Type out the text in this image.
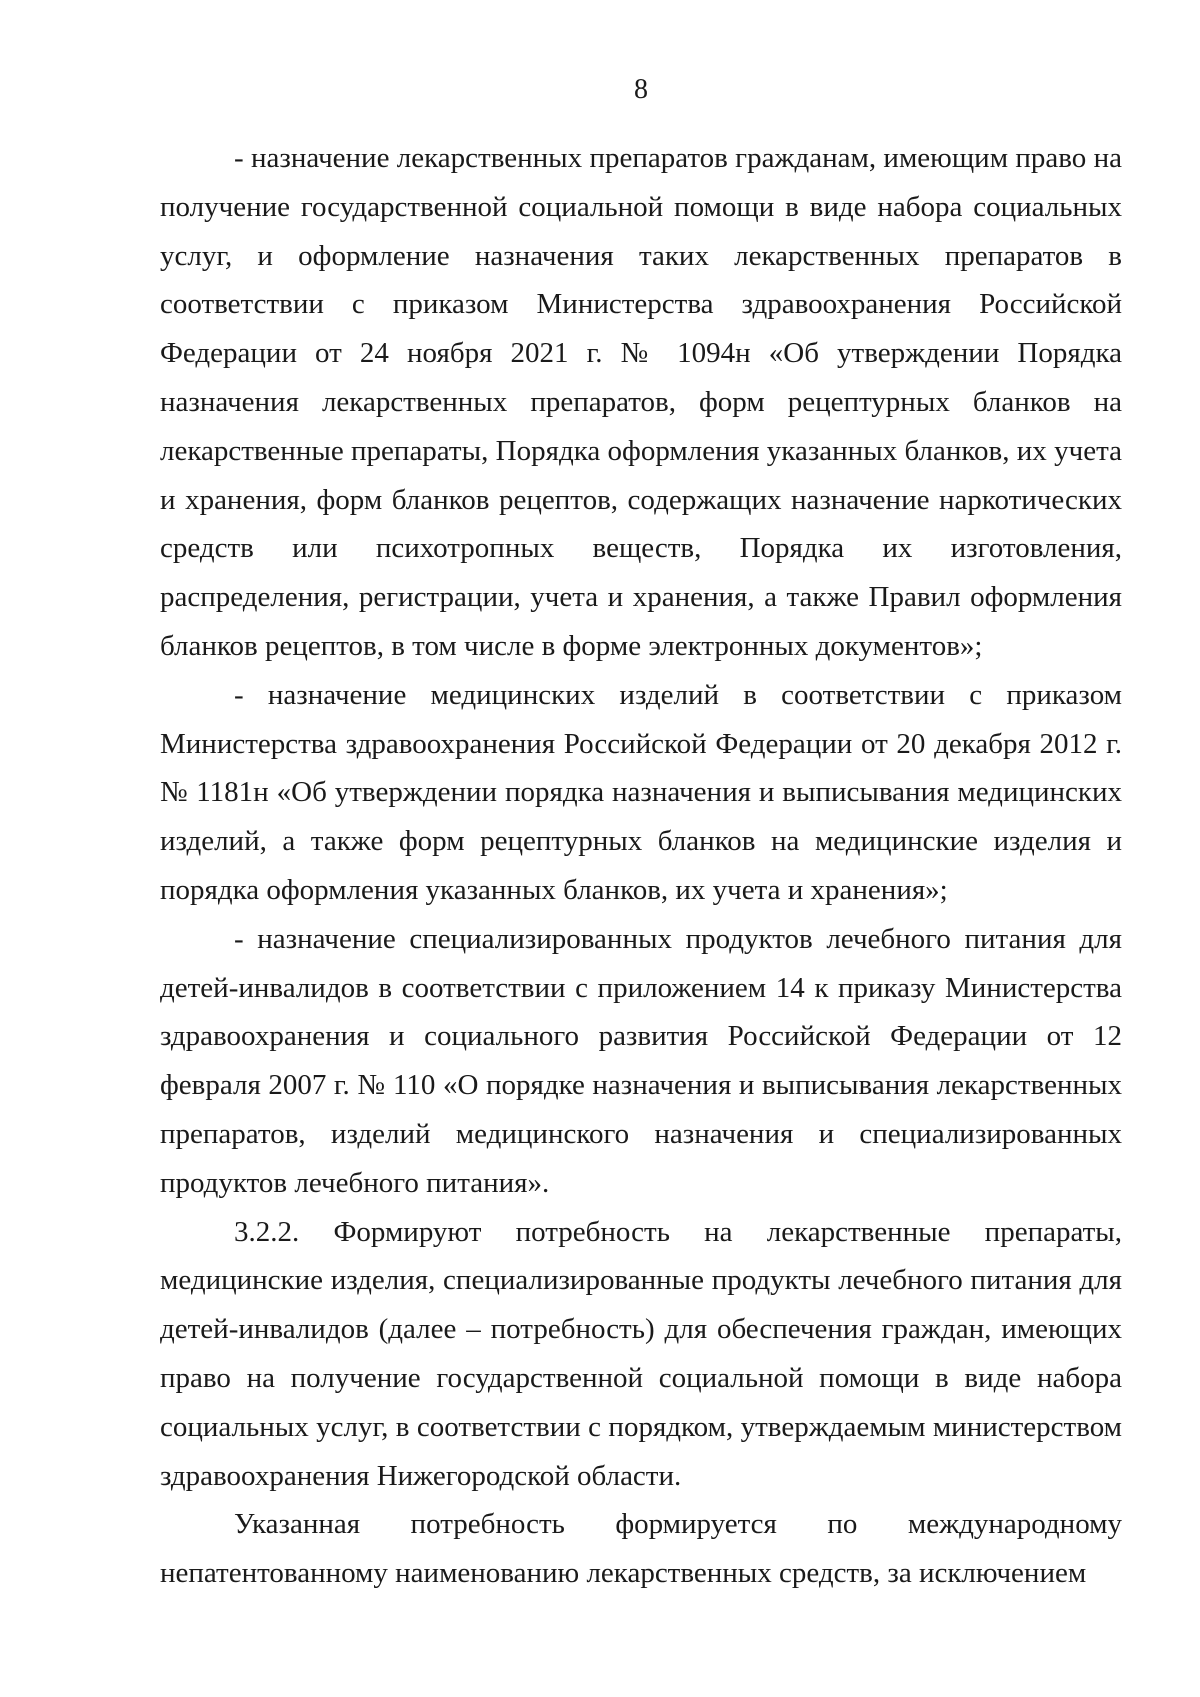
8

- назначение лекарственных препаратов гражданам, имеющим право на получение государственной социальной помощи в виде набора социальных услуг, и оформление назначения таких лекарственных препаратов в соответствии с приказом Министерства здравоохранения Российской Федерации от 24 ноября 2021 г. № 1094н «Об утверждении Порядка назначения лекарственных препаратов, форм рецептурных бланков на лекарственные препараты, Порядка оформления указанных бланков, их учета и хранения, форм бланков рецептов, содержащих назначение наркотических средств или психотропных веществ, Порядка их изготовления, распределения, регистрации, учета и хранения, а также Правил оформления бланков рецептов, в том числе в форме электронных документов»;

- назначение медицинских изделий в соответствии с приказом Министерства здравоохранения Российской Федерации от 20 декабря 2012 г. № 1181н «Об утверждении порядка назначения и выписывания медицинских изделий, а также форм рецептурных бланков на медицинские изделия и порядка оформления указанных бланков, их учета и хранения»;

- назначение специализированных продуктов лечебного питания для детей-инвалидов в соответствии с приложением 14 к приказу Министерства здравоохранения и социального развития Российской Федерации от 12 февраля 2007 г. № 110 «О порядке назначения и выписывания лекарственных препаратов, изделий медицинского назначения и специализированных продуктов лечебного питания».

3.2.2. Формируют потребность на лекарственные препараты, медицинские изделия, специализированные продукты лечебного питания для детей-инвалидов (далее – потребность) для обеспечения граждан, имеющих право на получение государственной социальной помощи в виде набора социальных услуг, в соответствии с порядком, утверждаемым министерством здравоохранения Нижегородской области.

Указанная потребность формируется по международному непатентованному наименованию лекарственных средств, за исключением
